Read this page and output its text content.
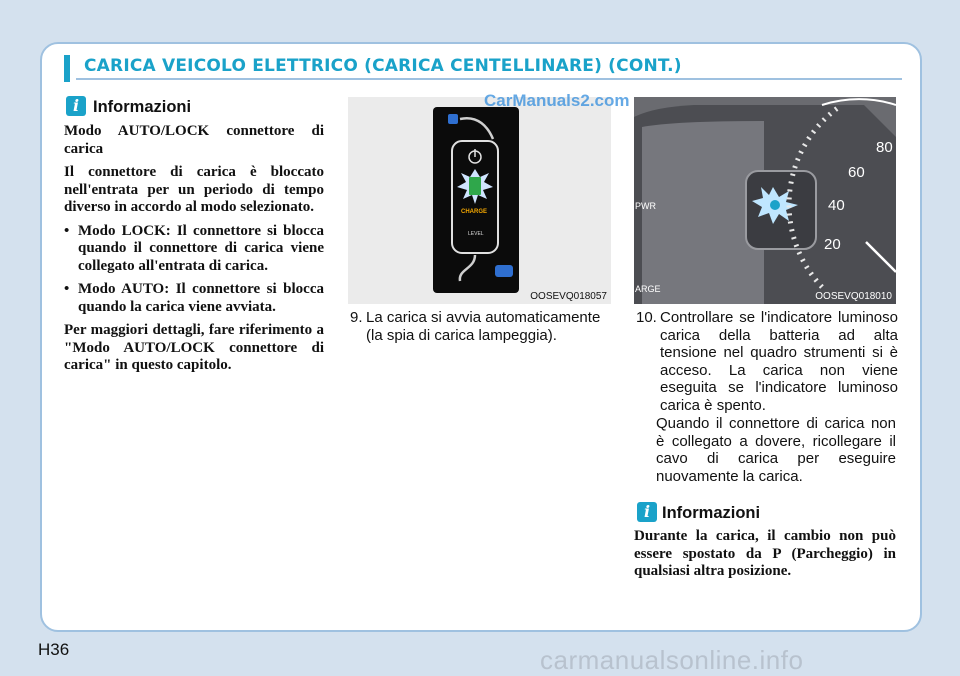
CARICA VEICOLO ELETTRICO (CARICA CENTELLINARE) (CONT.)
i Informazioni

Modo AUTO/LOCK connettore di carica

Il connettore di carica è bloccato nell'entrata per un periodo di tempo diverso in accordo al modo selezionato.

• Modo LOCK: Il connettore si blocca quando il connettore di carica viene collegato all'entrata di carica.
• Modo AUTO: Il connettore si blocca quando la carica viene avviata.

Per maggiori dettagli, fare riferimento a "Modo AUTO/LOCK connettore di carica" in questo capitolo.

CHARGE
LEVEL
OOSEVQ018057
CarManuals2.com
80
60
40
20
PWR
ARGE
OOSEVQ018010
9. La carica si avvia automaticamente (la spia di carica lampeggia).
10. Controllare se l'indicatore luminoso carica della batteria ad alta tensione nel quadro strumenti si è acceso. La carica non viene eseguita se l'indicatore luminoso carica è spento.
Quando il connettore di carica non è collegato a dovere, ricollegare il cavo di carica per eseguire nuovamente la carica.
i Informazioni
Durante la carica, il cambio non può essere spostato da P (Parcheggio) in qualsiasi altra posizione.
H36	carmanualsonline.info
